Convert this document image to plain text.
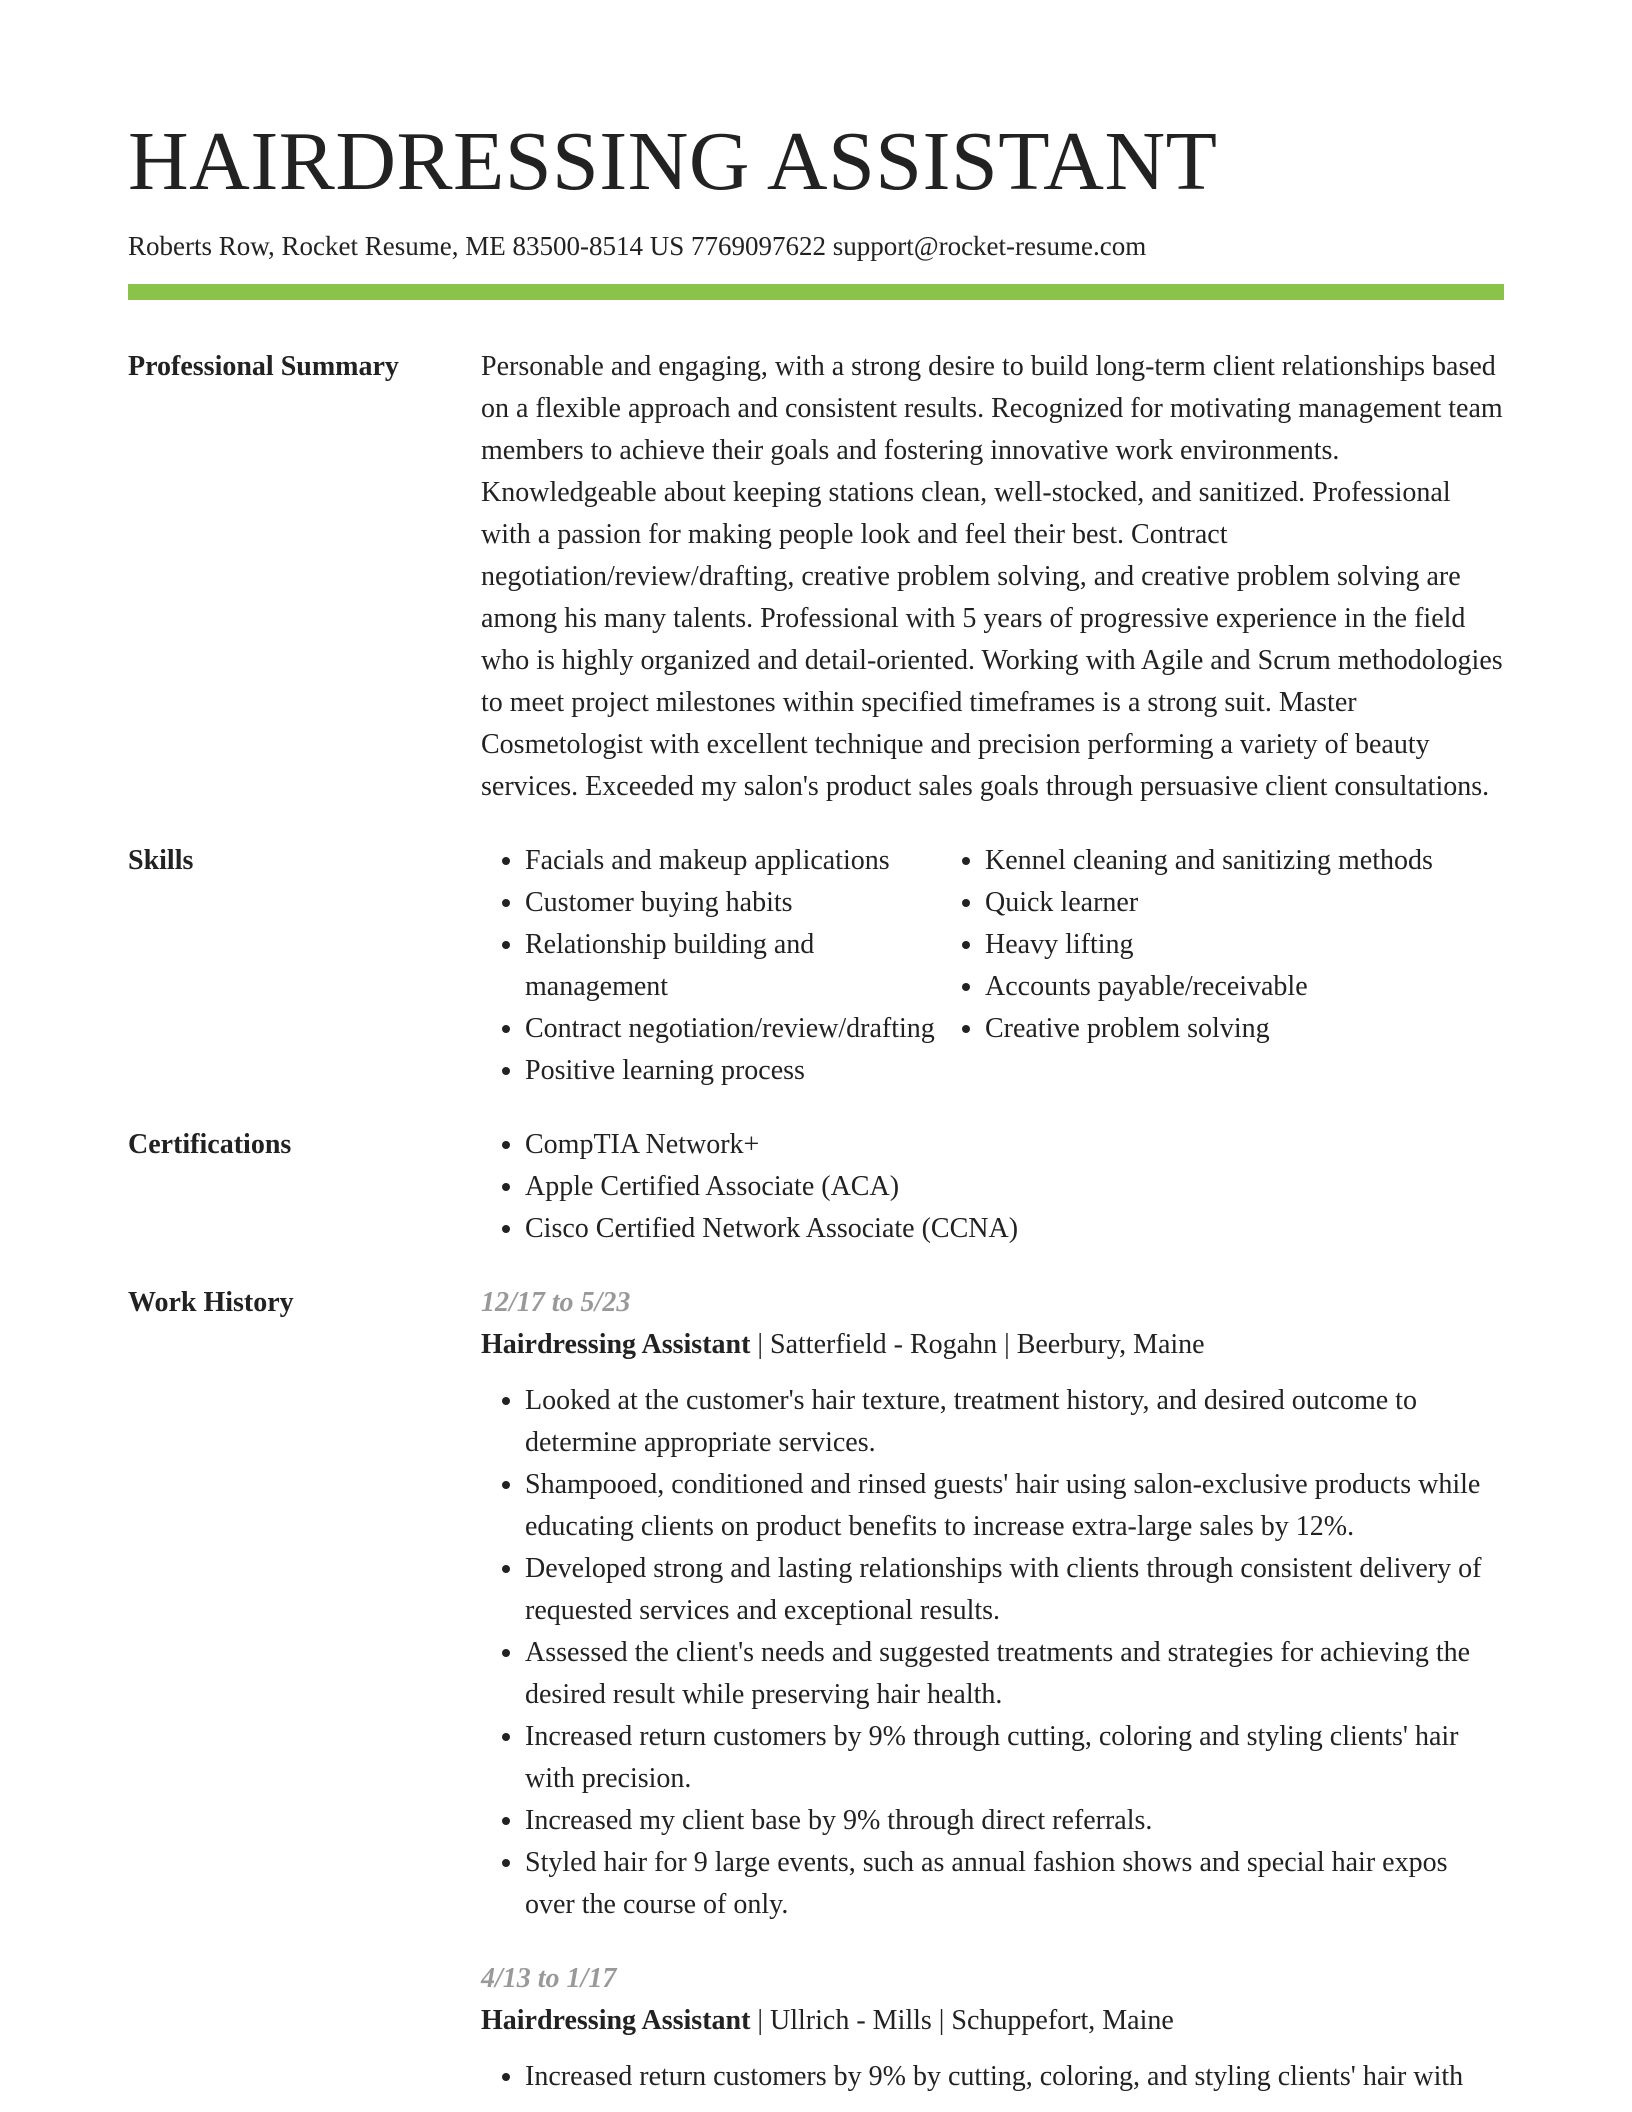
HAIRDRESSING ASSISTANT
Roberts Row, Rocket Resume, ME 83500-8514 US 7769097622 support@rocket-resume.com
Professional Summary	Personable and engaging, with a strong desire to build long-term client relationships based on a flexible approach and consistent results. Recognized for motivating management team members to achieve their goals and fostering innovative work environments. Knowledgeable about keeping stations clean, well-stocked, and sanitized. Professional with a passion for making people look and feel their best. Contract negotiation/review/drafting, creative problem solving, and creative problem solving are among his many talents. Professional with 5 years of progressive experience in the field who is highly organized and detail-oriented. Working with Agile and Scrum methodologies to meet project milestones within specified timeframes is a strong suit. Master Cosmetologist with excellent technique and precision performing a variety of beauty services. Exceeded my salon's product sales goals through persuasive client consultations.

Skills	• Facials and makeup applications
• Customer buying habits
• Relationship building and management
• Contract negotiation/review/drafting
• Positive learning process
• Kennel cleaning and sanitizing methods
• Quick learner
• Heavy lifting
• Accounts payable/receivable
• Creative problem solving
Certifications	• CompTIA Network+
• Apple Certified Associate (ACA)
• Cisco Certified Network Associate (CCNA)
Work History	12/17 to 5/23
Hairdressing Assistant | Satterfield - Rogahn | Beerbury, Maine
• Looked at the customer's hair texture, treatment history, and desired outcome to determine appropriate services.
• Shampooed, conditioned and rinsed guests' hair using salon-exclusive products while educating clients on product benefits to increase extra-large sales by 12%.
• Developed strong and lasting relationships with clients through consistent delivery of requested services and exceptional results.
• Assessed the client's needs and suggested treatments and strategies for achieving the desired result while preserving hair health.
• Increased return customers by 9% through cutting, coloring and styling clients' hair with precision.
• Increased my client base by 9% through direct referrals.
• Styled hair for 9 large events, such as annual fashion shows and special hair expos over the course of only.
4/13 to 1/17
Hairdressing Assistant | Ullrich - Mills | Schuppefort, Maine
• Increased return customers by 9% by cutting, coloring, and styling clients' hair with
